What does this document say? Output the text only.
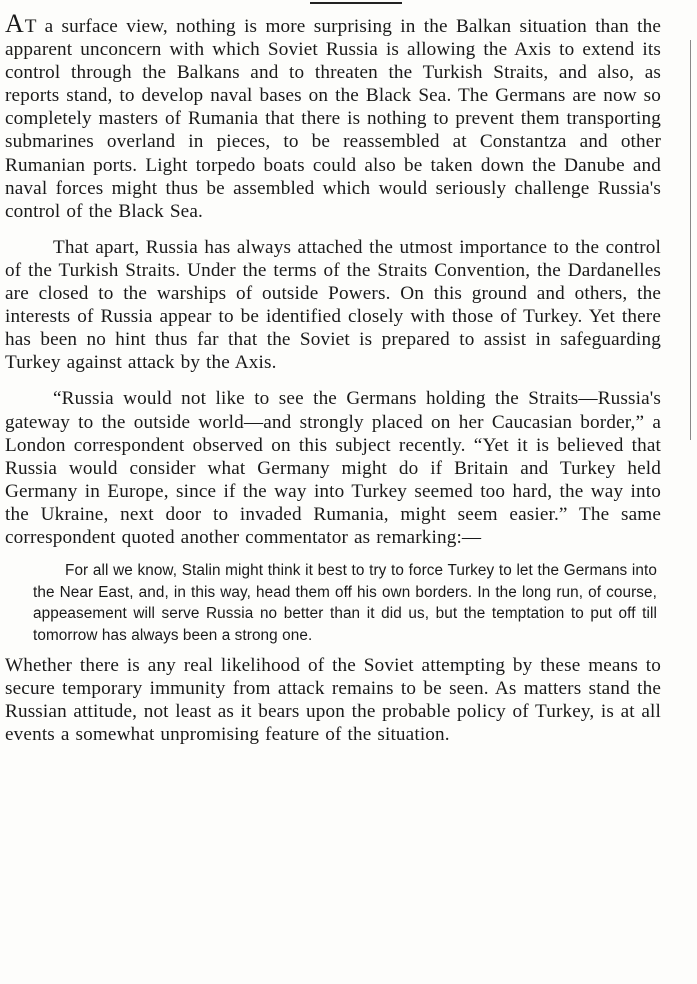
AT a surface view, nothing is more surprising in the Balkan situation than the apparent unconcern with which Soviet Russia is allowing the Axis to extend its control through the Balkans and to threaten the Turkish Straits, and also, as reports stand, to develop naval bases on the Black Sea. The Germans are now so completely masters of Rumania that there is nothing to prevent them transporting submarines overland in pieces, to be reassembled at Constantza and other Rumanian ports. Light torpedo boats could also be taken down the Danube and naval forces might thus be assembled which would seriously challenge Russia's control of the Black Sea.

That apart, Russia has always attached the utmost importance to the control of the Turkish Straits. Under the terms of the Straits Convention, the Dardanelles are closed to the warships of outside Powers. On this ground and others, the interests of Russia appear to be identified closely with those of Turkey. Yet there has been no hint thus far that the Soviet is prepared to assist in safeguarding Turkey against attack by the Axis.

“Russia would not like to see the Germans holding the Straits—Russia's gateway to the outside world—and strongly placed on her Caucasian border,” a London correspondent observed on this subject recently. “Yet it is believed that Russia would consider what Germany might do if Britain and Turkey held Germany in Europe, since if the way into Turkey seemed too hard, the way into the Ukraine, next door to invaded Rumania, might seem easier.” The same correspondent quoted another commentator as remarking:—

For all we know, Stalin might think it best to try to force Turkey to let the Germans into the Near East, and, in this way, head them off his own borders. In the long run, of course, appeasement will serve Russia no better than it did us, but the temptation to put off till tomorrow has always been a strong one.

Whether there is any real likelihood of the Soviet attempting by these means to secure temporary immunity from attack remains to be seen. As matters stand the Russian attitude, not least as it bears upon the probable policy of Turkey, is at all events a somewhat unpromising feature of the situation.
